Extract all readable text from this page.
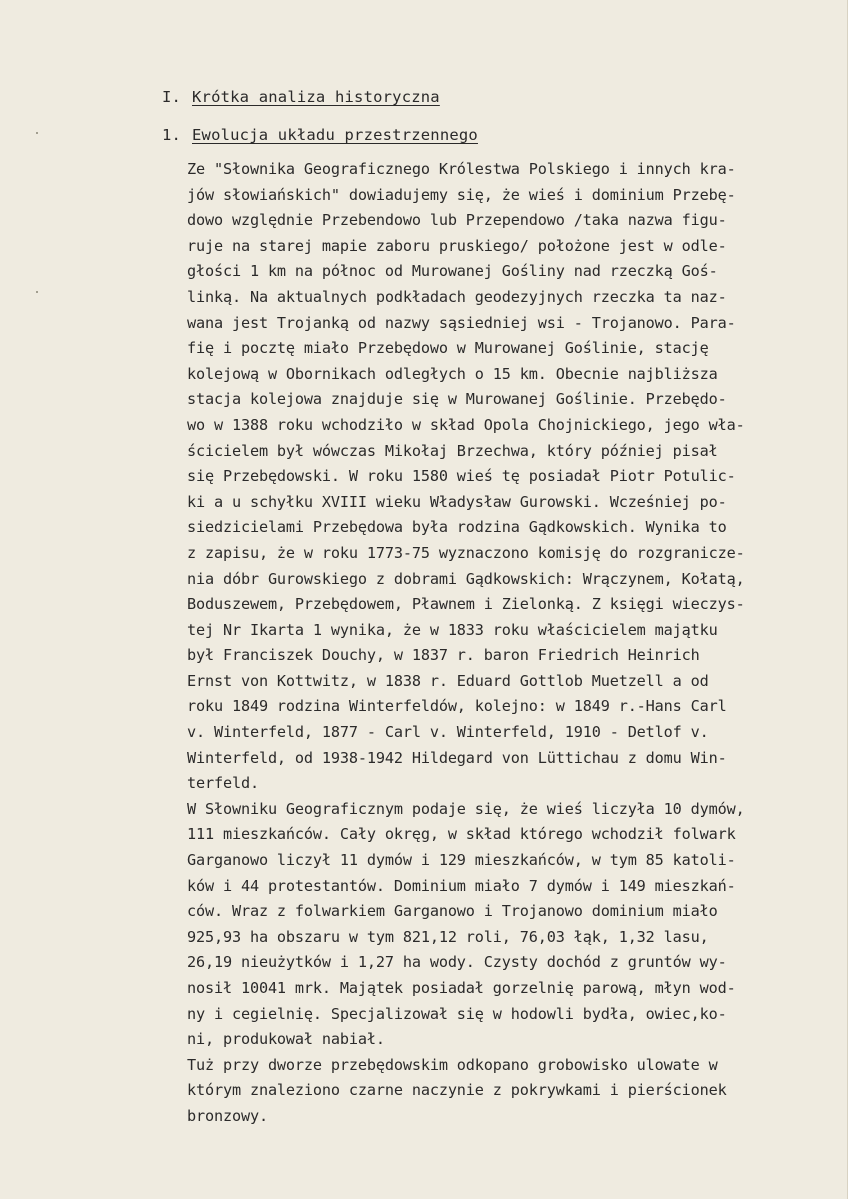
I. Krótka analiza historyczna
1. Ewolucja układu przestrzennego
Ze "Słownika Geograficznego Królestwa Polskiego i innych kra-
jów słowiańskich" dowiadujemy się, że wieś i dominium Przebę-
dowo względnie Przebendowo lub Przependowo /taka nazwa figu-
ruje na starej mapie zaboru pruskiego/ położone jest w odle-
głości 1 km na północ od Murowanej Gośliny nad rzeczką Goś-
linką. Na aktualnych podkładach geodezyjnych rzeczka ta naz-
wana jest Trojanką od nazwy sąsiedniej wsi - Trojanowo. Para-
fię i pocztę miało Przebędowo w Murowanej Goślinie, stację
kolejową w Obornikach odległych o 15 km. Obecnie najbliższa
stacja kolejowa znajduje się w Murowanej Goślinie. Przebędo-
wo w 1388 roku wchodziło w skład Opola Chojnickiego, jego wła-
ścicielem był wówczas Mikołaj Brzechwa, który później pisał
się Przebędowski. W roku 1580 wieś tę posiadał Piotr Potulic-
ki a u schyłku XVIII wieku Władysław Gurowski. Wcześniej po-
siedzicielami Przebędowa była rodzina Gądkowskich. Wynika to
z zapisu, że w roku 1773-75 wyznaczono komisję do rozgranicze-
nia dóbr Gurowskiego z dobrami Gądkowskich: Wrączynem, Kołatą,
Boduszewem, Przebędowem, Pławnem i Zielonką. Z księgi wieczys-
tej Nr Ikarta 1 wynika, że w 1833 roku właścicielem majątku
był Franciszek Douchy, w 1837 r. baron Friedrich Heinrich
Ernst von Kottwitz, w 1838 r. Eduard Gottlob Muetzell a od
roku 1849 rodzina Winterfeldów, kolejno: w 1849 r.-Hans Carl
v. Winterfeld, 1877 - Carl v. Winterfeld, 1910 - Detlof v.
Winterfeld, od 1938-1942 Hildegard von Lüttichau z domu Win-
terfeld.
W Słowniku Geograficznym podaje się, że wieś liczyła 10 dymów,
111 mieszkańców. Cały okręg, w skład którego wchodził folwark
Garganowo liczył 11 dymów i 129 mieszkańców, w tym 85 katoli-
ków i 44 protestantów. Dominium miało 7 dymów i 149 mieszkań-
ców. Wraz z folwarkiem Garganowo i Trojanowo dominium miało
925,93 ha obszaru w tym 821,12 roli, 76,03 łąk, 1,32 lasu,
26,19 nieużytków i 1,27 ha wody. Czysty dochód z gruntów wy-
nosił 10041 mrk. Majątek posiadał gorzelnię parową, młyn wod-
ny i cegielnię. Specjalizował się w hodowli bydła, owiec,ko-
ni, produkował nabiał.
Tuż przy dworze przebędowskim odkopano grobowisko ulowate w
którym znaleziono czarne naczynie z pokrywkami i pierścionek
bronzowy.
